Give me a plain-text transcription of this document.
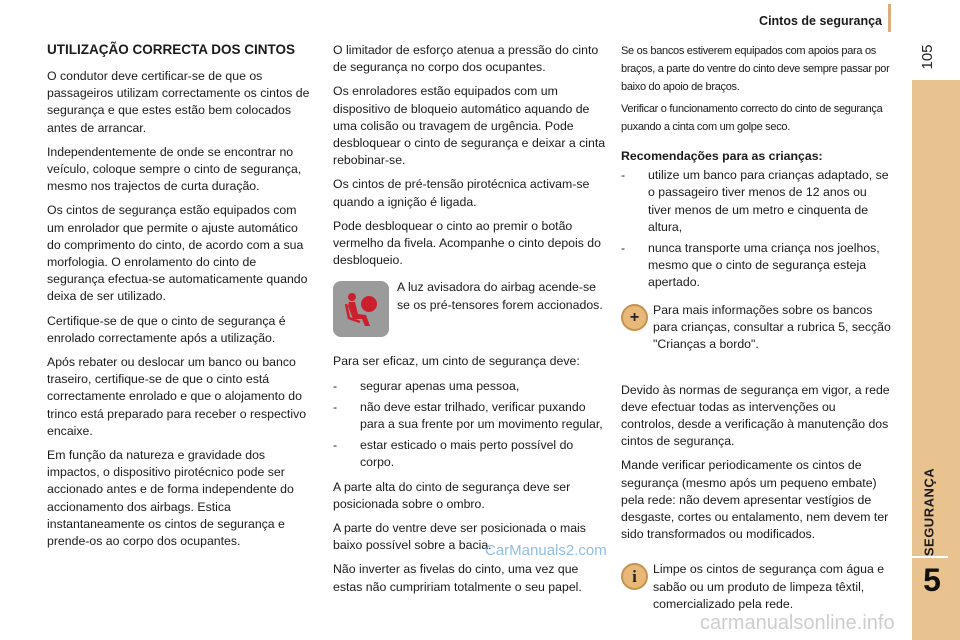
Cintos de segurança
105
SEGURANÇA
5
UTILIZAÇÃO CORRECTA DOS CINTOS

O condutor deve certificar-se de que os passageiros utilizam correctamente os cintos de segurança e que estes estão bem colocados antes de arrancar.

Independentemente de onde se encontrar no veículo, coloque sempre o cinto de segurança, mesmo nos trajectos de curta duração.

Os cintos de segurança estão equipados com um enrolador que permite o ajuste automático do comprimento do cinto, de acordo com a sua morfologia. O enrolamento do cinto de segurança efectua-se automaticamente quando deixa de ser utilizado.

Certifique-se de que o cinto de segurança é enrolado correctamente após a utilização.

Após rebater ou deslocar um banco ou banco traseiro, certifique-se de que o cinto está correctamente enrolado e que o alojamento do trinco está preparado para receber o respectivo encaixe.

Em função da natureza e gravidade dos impactos, o dispositivo pirotécnico pode ser accionado antes e de forma independente do accionamento dos airbags. Estica instantaneamente os cintos de segurança e prende-os ao corpo dos ocupantes.

O limitador de esforço atenua a pressão do cinto de segurança no corpo dos ocupantes.

Os enroladores estão equipados com um dispositivo de bloqueio automático aquando de uma colisão ou travagem de urgência. Pode desbloquear o cinto de segurança e deixar a cinta rebobinar-se.

Os cintos de pré-tensão pirotécnica activam-se quando a ignição é ligada.

Pode desbloquear o cinto ao premir o botão vermelho da fivela. Acompanhe o cinto depois do desbloqueio.

A luz avisadora do airbag acende-se se os pré-tensores forem accionados.

Para ser eficaz, um cinto de segurança deve:

- segurar apenas uma pessoa,
- não deve estar trilhado, verificar puxando para a sua frente por um movimento regular,
- estar esticado o mais perto possível do corpo.

A parte alta do cinto de segurança deve ser posicionada sobre o ombro.

A parte do ventre deve ser posicionada o mais baixo possível sobre a bacia.

Não inverter as fivelas do cinto, uma vez que estas não cumpririam totalmente o seu papel.

Se os bancos estiverem equipados com apoios para os braços, a parte do ventre do cinto deve sempre passar por baixo do apoio de braços.

Verificar o funcionamento correcto do cinto de segurança puxando a cinta com um golpe seco.

Recomendações para as crianças:
- utilize um banco para crianças adaptado, se o passageiro tiver menos de 12 anos ou tiver menos de um metro e cinquenta de altura,
- nunca transporte uma criança nos joelhos, mesmo que o cinto de segurança esteja apertado.
+ Para mais informações sobre os bancos para crianças, consultar a rubrica 5, secção "Crianças a bordo".

Devido às normas de segurança em vigor, a rede deve efectuar todas as intervenções ou controlos, desde a verificação à manutenção dos cintos de segurança.

Mande verificar periodicamente os cintos de segurança (mesmo após um pequeno embate) pela rede: não devem apresentar vestígios de desgaste, cortes ou entalamento, nem devem ter sido transformados ou modificados.

i	Limpe os cintos de segurança com água e sabão ou um produto de limpeza têxtil, comercializado pela rede.

CarManuals2.com
carmanualsonline.info
